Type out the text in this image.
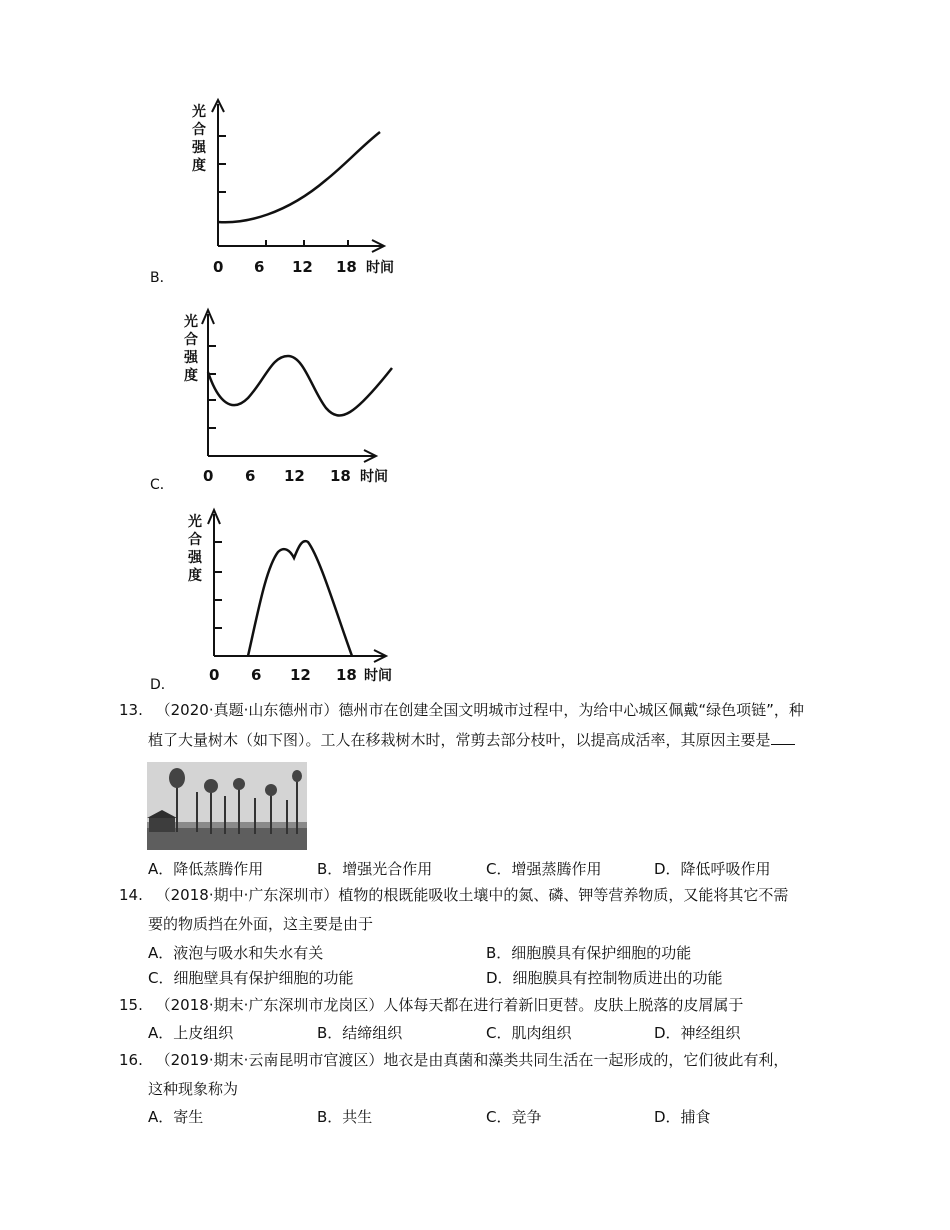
B．
光
合
强
度
0 6 12 18 时间
C．
光
合
强
度
0 6 12 18 时间
D．
光
合
强
度
0 6 12 18 时间
13. （2020·真题·山东德州市）德州市在创建全国文明城市过程中，为给中心城区佩戴“绿色项链”，种
植了大量树木（如下图）。工人在移栽树木时，常剪去部分枝叶，以提高成活率，其原因主要是
A．降低蒸腾作用	B．增强光合作用	C．增强蒸腾作用	D．降低呼吸作用
14. （2018·期中·广东深圳市）植物的根既能吸收土壤中的氮、磷、钾等营养物质，又能将其它不需
要的物质挡在外面，这主要是由于
A．液泡与吸水和失水有关	B．细胞膜具有保护细胞的功能
C．细胞壁具有保护细胞的功能	D．细胞膜具有控制物质进出的功能
15. （2018·期末·广东深圳市龙岗区）人体每天都在进行着新旧更替。皮肤上脱落的皮屑属于
A．上皮组织	B．结缔组织	C．肌肉组织	D．神经组织
16. （2019·期末·云南昆明市官渡区）地衣是由真菌和藻类共同生活在一起形成的，它们彼此有利，
这种现象称为
A．寄生	B．共生	C．竞争	D．捕食
